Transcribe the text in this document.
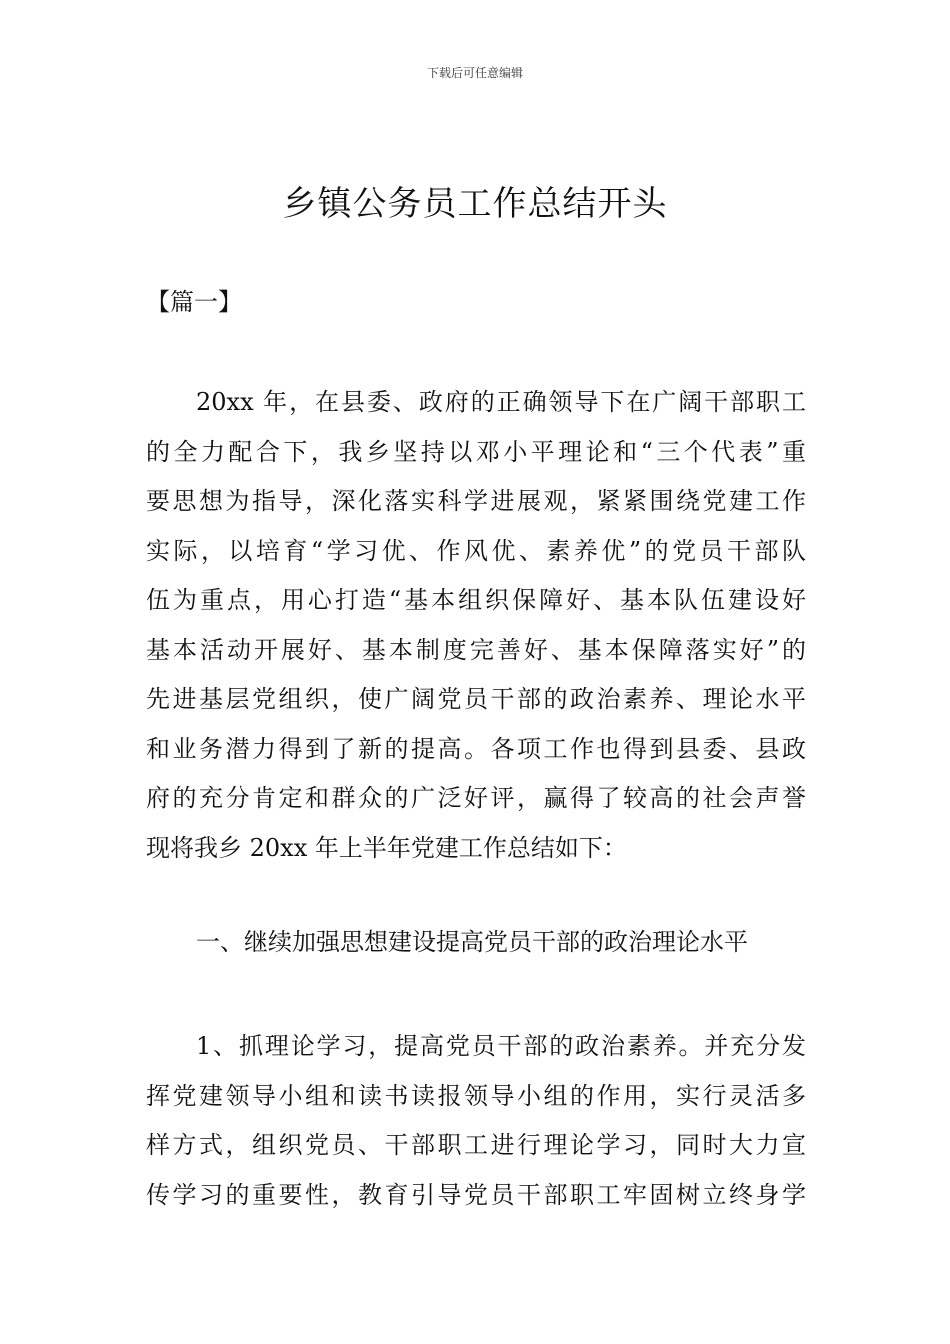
下载后可任意编辑
乡镇公务员工作总结开头
【篇一】
20xx 年，在县委、政府的正确领导下在广阔干部职工
的全力配合下，我乡坚持以邓小平理论和“三个代表”重
要思想为指导，深化落实科学进展观，紧紧围绕党建工作
实际，以培育“学习优、作风优、素养优”的党员干部队
伍为重点，用心打造“基本组织保障好、基本队伍建设好
基本活动开展好、基本制度完善好、基本保障落实好”的
先进基层党组织，使广阔党员干部的政治素养、理论水平
和业务潜力得到了新的提高。各项工作也得到县委、县政
府的充分肯定和群众的广泛好评，赢得了较高的社会声誉
现将我乡 20xx 年上半年党建工作总结如下：
一、继续加强思想建设提高党员干部的政治理论水平
1、抓理论学习，提高党员干部的政治素养。并充分发
挥党建领导小组和读书读报领导小组的作用，实行灵活多
样方式，组织党员、干部职工进行理论学习，同时大力宣
传学习的重要性，教育引导党员干部职工牢固树立终身学
